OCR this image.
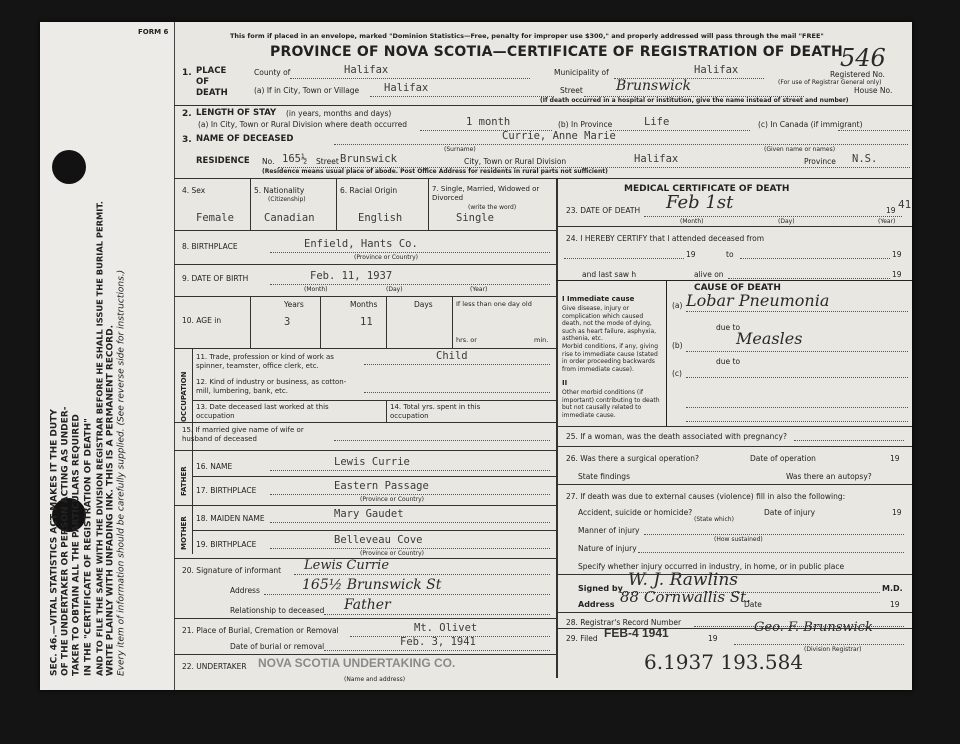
FORM 6
SEC. 46.—VITAL STATISTICS ACT MAKES IT THE DUTY OF THE UNDERTAKER OR PERSON ACTING AS UNDER- TAKER TO OBTAIN ALL THE PARTICULARS REQUIRED IN THE "CERTIFICATE OF REGISTRATION OF DEATH" AND TO FILE THE SAME WITH THE DIVISION REGISTRAR BEFORE HE SHALL ISSUE THE BURIAL PERMIT. WRITE PLAINLY WITH UNFADING INK. THIS IS A PERMANENT RECORD. Every item of information should be carefully supplied. (See reverse side for instructions.)
This form if placed in an envelope, marked "Dominion Statistics—Free, penalty for improper use $300," and properly addressed will pass through the mail "FREE"
PROVINCE OF NOVA SCOTIA—CERTIFICATE OF REGISTRATION OF DEATH
546
1. PLACE OF DEATH
County of	Halifax	Municipality of	Halifax	Registered No.
(For use of Registrar General only)
(a) If in City, Town or Village Halifax	Street Brunswick	House No.
(If death occurred in a hospital or institution, give the name instead of street and number)
2. LENGTH OF STAY (in years, months and days)
(a) In City, Town or Rural Division where death occurred	1 month	(b) In Province	Life	(c) In Canada (if immigrant)
3. NAME OF DECEASED	Currie, Anne Marie
(Surname)	(Given name or names)
RESIDENCE No. 165½ Street Brunswick	City, Town or Rural Division	Halifax	Province N.S.
(Residence means usual place of abode. Post Office Address for residents in rural parts not sufficient)
4. Sex
Female
5. Nationality
(Citizenship)
Canadian
6. Racial Origin
English
7. Single, Married, Widowed or Divorced
(write the word)
Single
8. BIRTHPLACE	Enfield, Hants Co.
(Province or Country)
9. DATE OF BIRTH	Feb. 11, 1937
(Month)	(Day)	(Year)
10. AGE in
Years
3
Months
11
Days	If less than one day old
hrs. or	min.
OCCUPATION
11. Trade, profession or kind of work as spinner, teamster, office clerk, etc.
Child
12. Kind of industry or business, as cotton-mill, lumbering, bank, etc.
13. Date deceased last worked at this occupation
14. Total yrs. spent in this occupation
15. If married give name of wife or husband of deceased
FATHER
MOTHER
16. NAME	Lewis Currie
17. BIRTHPLACE	Eastern Passage
(Province or Country)
18. MAIDEN NAME	Mary Gaudet
19. BIRTHPLACE	Belleveau Cove
(Province or Country)
20. Signature of informant Lewis Currie
Address	165½ Brunswick St
Relationship to deceased Father
21. Place of Burial, Cremation or Removal	Mt. Olivet
Date of burial or removal	Feb. 3, 1941
22. UNDERTAKER NOVA SCOTIA UNDERTAKING CO.
(Name and address)
MEDICAL CERTIFICATE OF DEATH
23. DATE OF DEATH Feb 1st	19 41
(Month)	(Day)	(Year)
24. I HEREBY CERTIFY that I attended deceased from
19	to	19
and last saw h	alive on	19
CAUSE OF DEATH
I Immediate cause
Give disease, injury or complication which caused death, not the mode of dying, such as heart failure, asphyxia, asthenia, etc.
Morbid conditions, if any, giving rise to immediate cause (stated in order proceeding backwards from immediate cause).
II
Other morbid conditions (if important) contributing to death but not causally related to immediate cause.
(a) Lobar Pneumonia
due to
(b)	Measles
due to
(c)
25. If a woman, was the death associated with pregnancy?
26. Was there a surgical operation?	Date of operation	19
State findings	Was there an autopsy?
27. If death was due to external causes (violence) fill in also the following:
Accident, suicide or homicide?
(State which)
Date of injury	19
Manner of injury
(How sustained)
Nature of injury
Specify whether injury occurred in industry, in home, or in public place
Signed by W. J. Rawlins	M.D.
Address 88 Cornwallis St.
Date	19
28. Registrar's Record Number
29. Filed FEB-4 1941	19
Geo. F. Brunswick
(Division Registrar)
6.1937 193.584
